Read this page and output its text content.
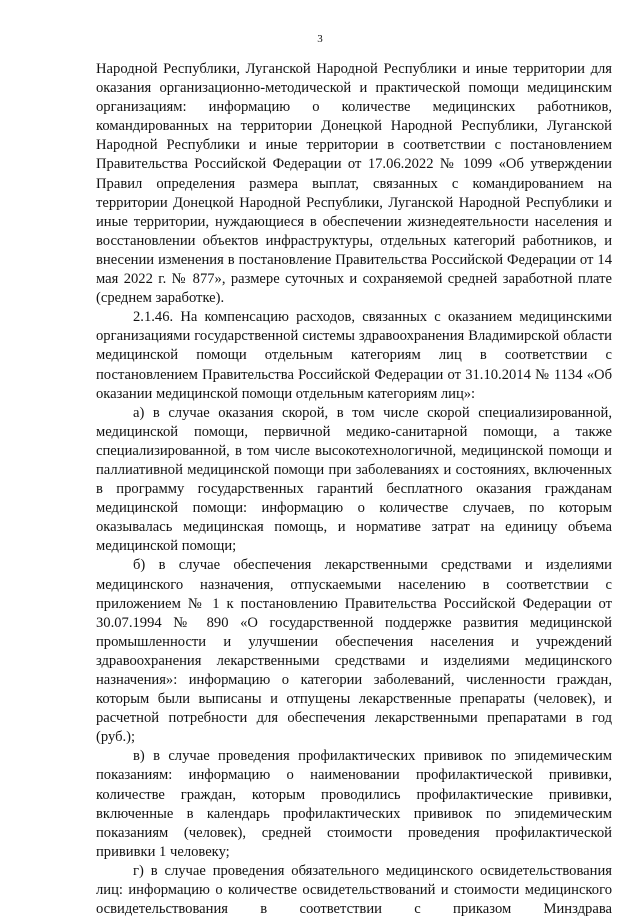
3

Народной Республики, Луганской Народной Республики и иные территории для оказания организационно-методической и практической помощи медицинским организациям: информацию о количестве медицинских работников, командированных на территории Донецкой Народной Республики, Луганской Народной Республики и иные территории в соответствии с постановлением Правительства Российской Федерации от 17.06.2022 № 1099 «Об утверждении Правил определения размера выплат, связанных с командированием на территории Донецкой Народной Республики, Луганской Народной Республики и иные территории, нуждающиеся в обеспечении жизнедеятельности населения и восстановлении объектов инфраструктуры, отдельных категорий работников, и внесении изменения в постановление Правительства Российской Федерации от 14 мая 2022 г. № 877», размере суточных и сохраняемой средней заработной плате (среднем заработке).

2.1.46. На компенсацию расходов, связанных с оказанием медицинскими организациями государственной системы здравоохранения Владимирской области медицинской помощи отдельным категориям лиц в соответствии с постановлением Правительства Российской Федерации от 31.10.2014 № 1134 «Об оказании медицинской помощи отдельным категориям лиц»:

а) в случае оказания скорой, в том числе скорой специализированной, медицинской помощи, первичной медико-санитарной помощи, а также специализированной, в том числе высокотехнологичной, медицинской помощи и паллиативной медицинской помощи при заболеваниях и состояниях, включенных в программу государственных гарантий бесплатного оказания гражданам медицинской помощи: информацию о количестве случаев, по которым оказывалась медицинская помощь, и нормативе затрат на единицу объема медицинской помощи;

б) в случае обеспечения лекарственными средствами и изделиями медицинского назначения, отпускаемыми населению в соответствии с приложением № 1 к постановлению Правительства Российской Федерации от 30.07.1994 № 890 «О государственной поддержке развития медицинской промышленности и улучшении обеспечения населения и учреждений здравоохранения лекарственными средствами и изделиями медицинского назначения»: информацию о категории заболеваний, численности граждан, которым были выписаны и отпущены лекарственные препараты (человек), и расчетной потребности для обеспечения лекарственными препаратами в год (руб.);

в) в случае проведения профилактических прививок по эпидемическим показаниям: информацию о наименовании профилактической прививки, количестве граждан, которым проводились профилактические прививки, включенные в календарь профилактических прививок по эпидемическим показаниям (человек), средней стоимости проведения профилактической прививки 1 человеку;

г) в случае проведения обязательного медицинского освидетельствования лиц: информацию о количестве освидетельствований и стоимости медицинского освидетельствования в соответствии с приказом Минздрава
